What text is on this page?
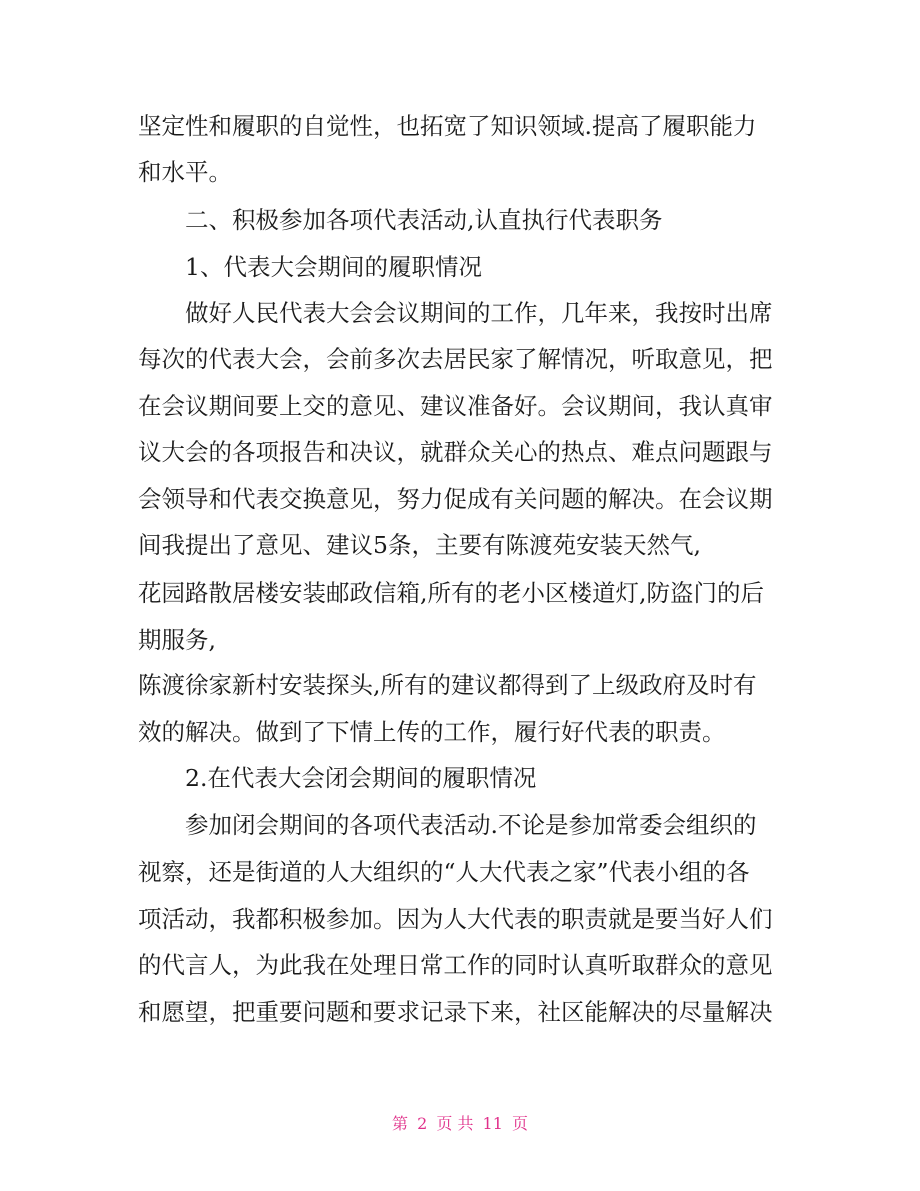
坚定性和履职的自觉性，也拓宽了知识领域.提高了履职能力
和水平。
二、积极参加各项代表活动,认直执行代表职务
1、代表大会期间的履职情况
做好人民代表大会会议期间的工作，几年来，我按时出席
每次的代表大会，会前多次去居民家了解情况，听取意见，把
在会议期间要上交的意见、建议准备好。会议期间，我认真审
议大会的各项报告和决议，就群众关心的热点、难点问题跟与
会领导和代表交换意见，努力促成有关问题的解决。在会议期
间我提出了意见、建议5条，主要有陈渡苑安装天然气,
花园路散居楼安装邮政信箱,所有的老小区楼道灯,防盗门的后
期服务,
陈渡徐家新村安装探头,所有的建议都得到了上级政府及时有
效的解决。做到了下情上传的工作，履行好代表的职责。
2.在代表大会闭会期间的履职情况
参加闭会期间的各项代表活动.不论是参加常委会组织的
视察，还是街道的人大组织的“人大代表之家”代表小组的各
项活动，我都积极参加。因为人大代表的职责就是要当好人们
的代言人，为此我在处理日常工作的同时认真听取群众的意见
和愿望，把重要问题和要求记录下来，社区能解决的尽量解决
第 2 页 共 11 页
